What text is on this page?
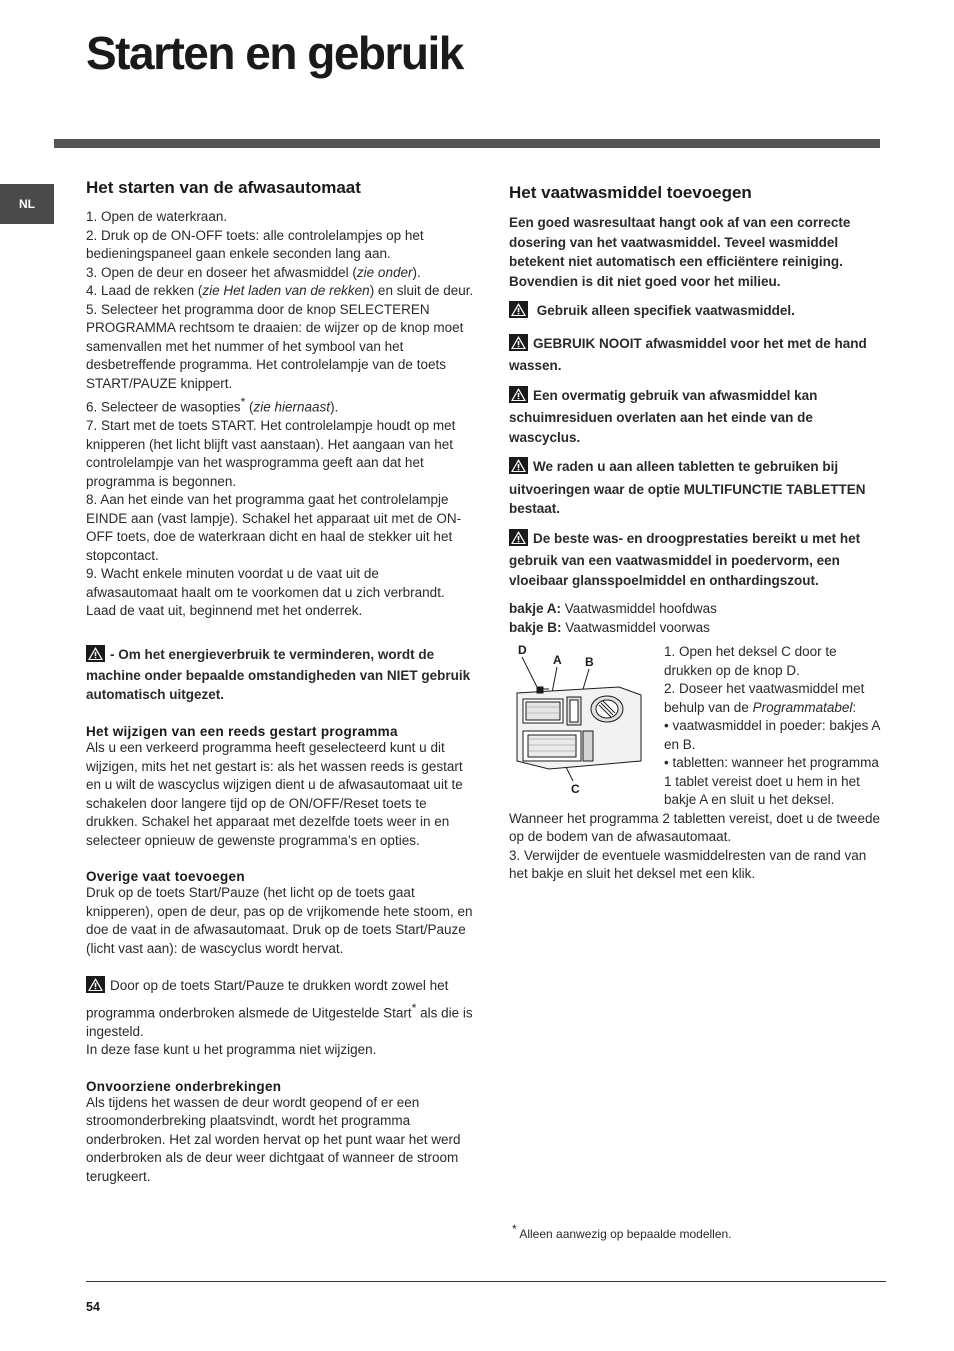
Starten en gebruik
NL
Het starten van de afwasautomaat

1. Open de waterkraan.

2. Druk op de ON-OFF toets: alle controlelampjes op het bedieningspaneel gaan enkele seconden lang aan.

3. Open de deur en doseer het afwasmiddel (zie onder).

4. Laad de rekken (zie Het laden van de rekken) en sluit de deur.

5. Selecteer het programma door de knop SELECTEREN PROGRAMMA rechtsom te draaien: de wijzer op de knop moet samenvallen met het nummer of het symbool van het desbetreffende programma. Het controlelampje van de toets START/PAUZE knippert.

6. Selecteer de wasopties* (zie hiernaast).

7. Start met de toets START. Het controlelampje houdt op met knipperen (het licht blijft vast aanstaan). Het aangaan van het controlelampje van het wasprogramma geeft aan dat het programma is begonnen.

8. Aan het einde van het programma gaat het controlelampje EINDE aan (vast lampje). Schakel het apparaat uit met de ON-OFF toets, doe de waterkraan dicht en haal de stekker uit het stopcontact.

9. Wacht enkele minuten voordat u de vaat uit de afwasautomaat haalt om te voorkomen dat u zich verbrandt. Laad de vaat uit, beginnend met het onderrek.

- Om het energieverbruik te verminderen, wordt de machine onder bepaalde omstandigheden van NIET gebruik automatisch uitgezet.
Het wijzigen van een reeds gestart programma
Als u een verkeerd programma heeft geselecteerd kunt u dit wijzigen, mits het net gestart is: als het wassen reeds is gestart en u wilt de wascyclus wijzigen dient u de afwasautomaat uit te schakelen door langere tijd op de ON/OFF/Reset toets te drukken. Schakel het apparaat met dezelfde toets weer in en selecteer opnieuw de gewenste programma’s en opties.
Overige vaat toevoegen
Druk op de toets Start/Pauze (het licht op de toets gaat knipperen), open de deur, pas op de vrijkomende hete stoom, en doe de vaat in de afwasautomaat. Druk op de toets Start/Pauze (licht vast aan): de wascyclus wordt hervat.

Door op de toets Start/Pauze te drukken wordt zowel het programma onderbroken alsmede de Uitgestelde Start* als die is ingesteld.

In deze fase kunt u het programma niet wijzigen.

Onvoorziene onderbrekingen
Als tijdens het wassen de deur wordt geopend of er een stroomonderbreking plaatsvindt, wordt het programma onderbroken. Het zal worden hervat op het punt waar het werd onderbroken als de deur weer dichtgaat of wanneer de stroom terugkeert.
Het vaatwasmiddel toevoegen
Een goed wasresultaat hangt ook af van een correcte dosering van het vaatwasmiddel. Teveel wasmiddel betekent niet automatisch een efficiëntere reiniging. Bovendien is dit niet goed voor het milieu.
Gebruik alleen specifiek vaatwasmiddel.
GEBRUIK NOOIT afwasmiddel voor het met de hand wassen.
Een overmatig gebruik van afwasmiddel kan schuimresiduen overlaten aan het einde van de wascyclus.
We raden u aan alleen tabletten te gebruiken bij uitvoeringen waar de optie MULTIFUNCTIE TABLETTEN bestaat.
De beste was- en droogprestaties bereikt u met het gebruik van een vaatwasmiddel in poedervorm, een vloeibaar glansspoelmiddel en onthardingszout.

bakje A: Vaatwasmiddel hoofdwas

bakje B: Vaatwasmiddel voorwas

D
A B
C

1. Open het deksel C door te drukken op de knop D.

2. Doseer het vaatwasmiddel met behulp van de Programmatabel:

• vaatwasmiddel in poeder: bakjes A en B.

• tabletten: wanneer het programma 1 tablet vereist doet u hem in het bakje A en sluit u het deksel. Wanneer het programma 2 tabletten vereist, doet u de tweede op de bodem van de afwasautomaat.

3. Verwijder de eventuele wasmiddelresten van de rand van het bakje en sluit het deksel met een klik.

* Alleen aanwezig op bepaalde modellen.
54
